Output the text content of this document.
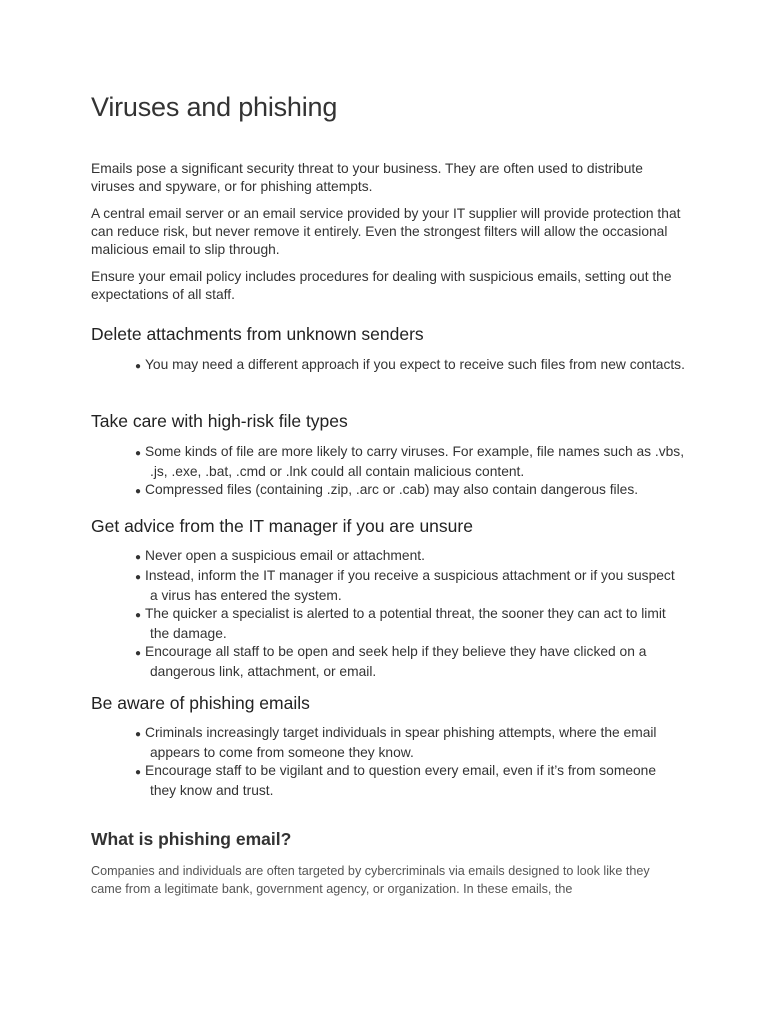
Viruses and phishing

Emails pose a significant security threat to your business. They are often used to distribute viruses and spyware, or for phishing attempts.

A central email server or an email service provided by your IT supplier will provide protection that can reduce risk, but never remove it entirely. Even the strongest filters will allow the occasional malicious email to slip through.

Ensure your email policy includes procedures for dealing with suspicious emails, setting out the expectations of all staff.

Delete attachments from unknown senders
● You may need a different approach if you expect to receive such files from new contacts.
Take care with high-risk file types
● Some kinds of file are more likely to carry viruses. For example, file names such as .vbs, .js, .exe, .bat, .cmd or .lnk could all contain malicious content.
● Compressed files (containing .zip, .arc or .cab) may also contain dangerous files.
Get advice from the IT manager if you are unsure
● Never open a suspicious email or attachment.
● Instead, inform the IT manager if you receive a suspicious attachment or if you suspect a virus has entered the system.
● The quicker a specialist is alerted to a potential threat, the sooner they can act to limit the damage.
● Encourage all staff to be open and seek help if they believe they have clicked on a dangerous link, attachment, or email.
Be aware of phishing emails
● Criminals increasingly target individuals in spear phishing attempts, where the email appears to come from someone they know.
● Encourage staff to be vigilant and to question every email, even if it’s from someone they know and trust.
What is phishing email?

Companies and individuals are often targeted by cybercriminals via emails designed to look like they came from a legitimate bank, government agency, or organization. In these emails, the
